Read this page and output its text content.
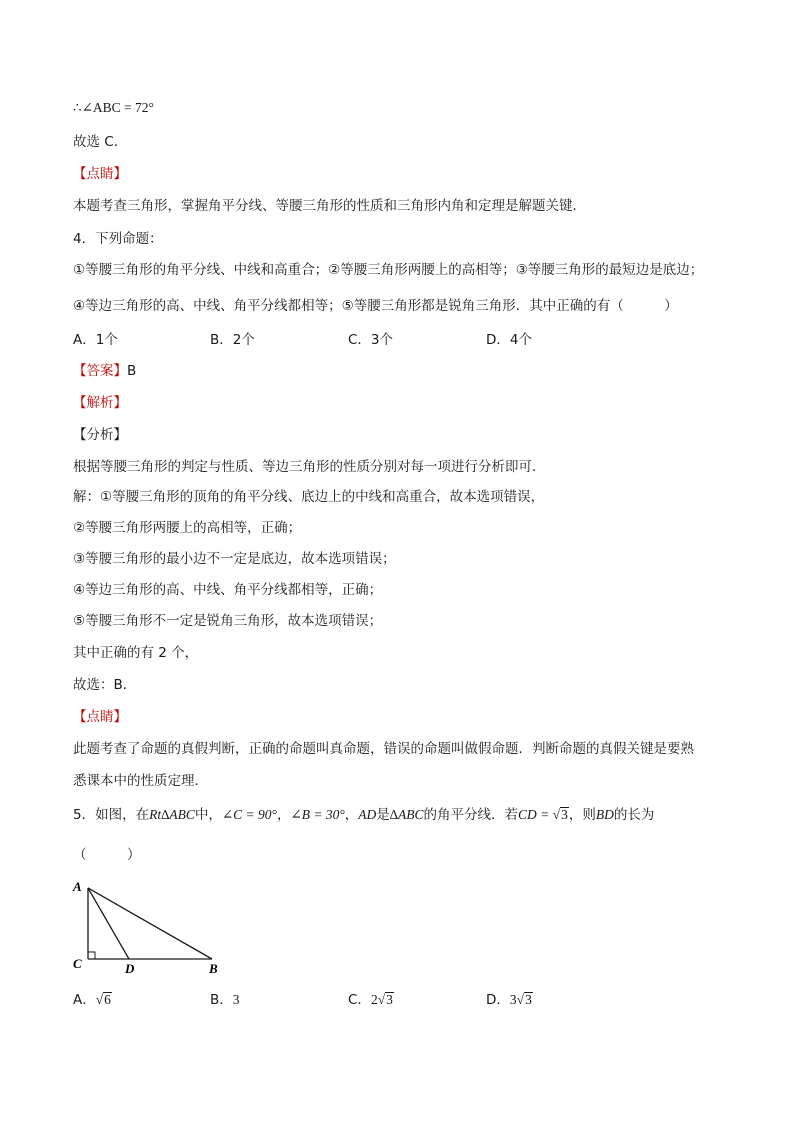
∴∠ABC = 72°
故选 C．
【点睛】
本题考查三角形，掌握角平分线、等腰三角形的性质和三角形内角和定理是解题关键．
4．下列命题：
①等腰三角形的角平分线、中线和高重合；②等腰三角形两腰上的高相等；③等腰三角形的最短边是底边；
④等边三角形的高、中线、角平分线都相等；⑤等腰三角形都是锐角三角形．其中正确的有（　　　）
A．1个	B．2个	C．3个	D．4个
【答案】B
【解析】
【分析】
根据等腰三角形的判定与性质、等边三角形的性质分别对每一项进行分析即可．
解：①等腰三角形的顶角的角平分线、底边上的中线和高重合，故本选项错误，
②等腰三角形两腰上的高相等，正确；
③等腰三角形的最小边不一定是底边，故本选项错误；
④等边三角形的高、中线、角平分线都相等，正确；
⑤等腰三角形不一定是锐角三角形，故本选项错误；
其中正确的有 2 个，
故选：B．
【点睛】
此题考查了命题的真假判断，正确的命题叫真命题，错误的命题叫做假命题．判断命题的真假关键是要熟
悉课本中的性质定理．
5．如图，在Rt∆ABC中，∠C = 90°，∠B = 30°，AD是∆ABC的角平分线．若CD = √3，则BD的长为
（　　　）
A
C	D	B
A．√6	B．3	C．2√3	D．3√3
